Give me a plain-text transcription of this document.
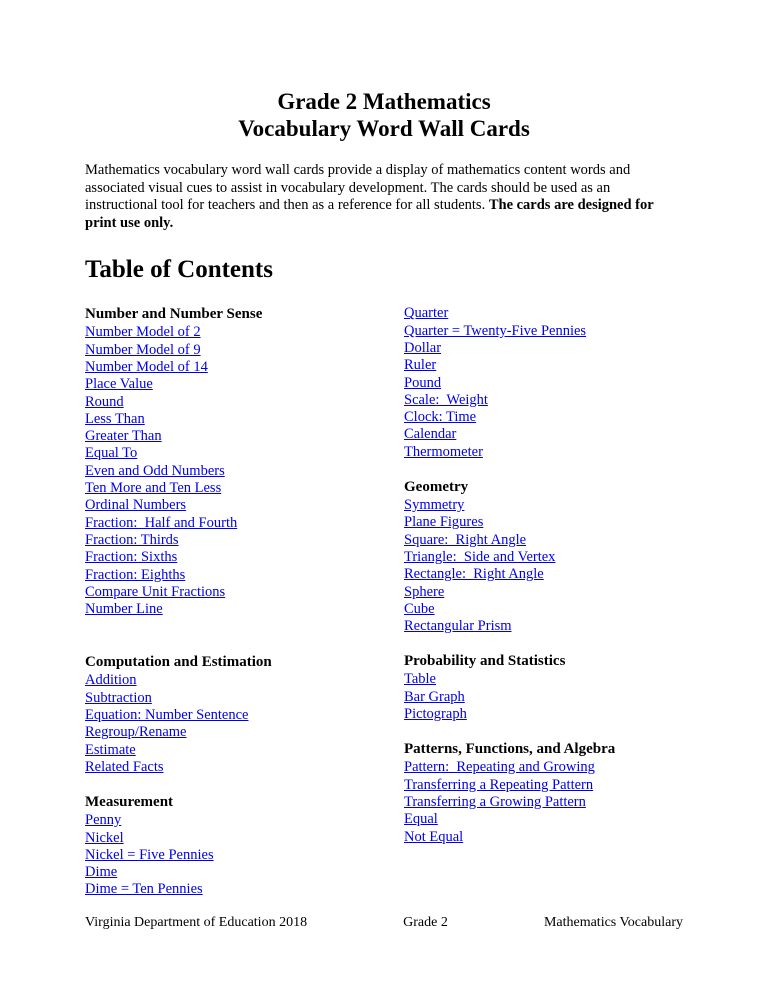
Grade 2 Mathematics
Vocabulary Word Wall Cards

Mathematics vocabulary word wall cards provide a display of mathematics content words and associated visual cues to assist in vocabulary development. The cards should be used as an instructional tool for teachers and then as a reference for all students. The cards are designed for print use only.

Table of Contents
Number and Number Sense
Number Model of 2
Number Model of 9
Number Model of 14
Place Value
Round
Less Than
Greater Than
Equal To
Even and Odd Numbers
Ten More and Ten Less
Ordinal Numbers
Fraction:  Half and Fourth
Fraction: Thirds
Fraction: Sixths
Fraction: Eighths
Compare Unit Fractions
Number Line
Computation and Estimation
Addition
Subtraction
Equation: Number Sentence
Regroup/Rename
Estimate
Related Facts
Measurement
Penny
Nickel
Nickel = Five Pennies
Dime
Dime = Ten Pennies
Quarter
Quarter = Twenty-Five Pennies
Dollar
Ruler
Pound
Scale:  Weight
Clock: Time
Calendar
Thermometer
Geometry
Symmetry
Plane Figures
Square:  Right Angle
Triangle:  Side and Vertex
Rectangle:  Right Angle
Sphere
Cube
Rectangular Prism
Probability and Statistics
Table
Bar Graph
Pictograph
Patterns, Functions, and Algebra
Pattern:  Repeating and Growing
Transferring a Repeating Pattern
Transferring a Growing Pattern
Equal
Not Equal
Virginia Department of Education 2018	Grade 2	Mathematics Vocabulary
